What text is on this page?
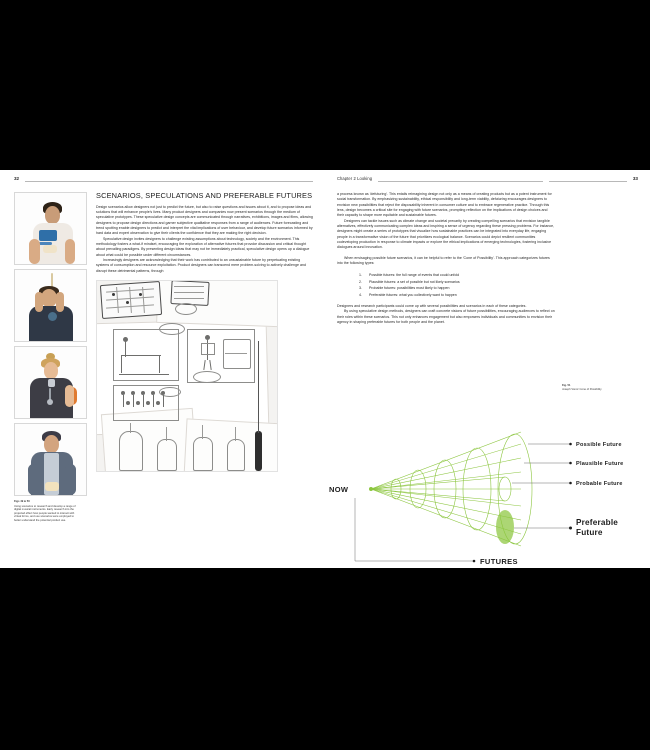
32
Figs 49 & 50
Using scenarios to research and develop a range of digital musical instruments. Early research into the projected effect how people wanted to interact with virtual forms, and use scenarios were employed to better understand the potential product use.
SCENARIOS, SPECULATIONS AND PREFERABLE FUTURES

Design scenarios allow designers not just to predict the future, but also to raise questions and issues about it, and to propose ideas and solutions that will enhance people's lives. Many product designers and companies now present scenarios through the medium of speculative prototypes. These speculative design concepts are communicated through narratives, exhibitions, images and films, allowing designers to propose design directions and garner subjective qualitative responses from a range of audiences. Future forecasting and trend spotting enable designers to predict and interpret the vital implications of user behaviour, and develop future scenarios informed by hard data and expert observation to give their clients the confidence that they are making the right decision.

Speculative design invites designers to challenge existing assumptions about technology, society and the environment. This methodology fosters a what-if mindset, encouraging the exploration of alternative futures that provoke discussion and critical thought about prevailing paradigms. By presenting design ideas that may not be immediately practical, speculative design opens up a dialogue about what could be possible under different circumstances.

Increasingly designers are acknowledging that their work has contributed to an unsustainable future by perpetuating existing systems of consumption and resource exploitation. Product designers can transcend mere problem-solving to actively challenge and disrupt these detrimental patterns, through

Chapter 2 Looking	33

a process known as 'defuturing'. This entails reimagining design not only as a means of creating products but as a potent instrument for social transformation. By emphasizing sustainability, ethical responsibility and long-term viability, defuturing encourages designers to envision new possibilities that reject the disposability inherent in consumer culture and to embrace regenerative practice. Through this lens, design becomes a critical site for engaging with future scenarios, prompting reflection on the implications of design choices and their capacity to shape more equitable and sustainable futures.

Designers can tackle issues such as climate change and societal precarity by creating compelling scenarios that envision tangible alternatives, effectively communicating complex ideas and inspiring a sense of urgency regarding these pressing problems. For instance, designers might create a series of prototypes that visualize how sustainable practices can be integrated into everyday life, engaging people in a transformative vision of the future that prioritizes ecological balance. Scenarios could depict resilient communities codeveloping production in response to climate impacts or explore the ethical implications of emerging technologies, fostering inclusive dialogues around innovation.

When envisaging possible future scenarios, it can be helpful to refer to the 'Cone of Possibility'. This approach categorizes futures into the following types:

1. Possible futures: the full range of events that could unfold
2. Plausible futures: a set of possible but not likely scenarios
3. Probable futures: possibilities most likely to happen
4. Preferable futures: what you collectively want to happen

Designers and research participants could come up with several possibilities and scenarios in each of these categories.

By using speculative design methods, designers can craft concrete visions of future possibilities, encouraging audiences to reflect on their roles within these scenarios. This not only enhances engagement but also empowers individuals and communities to envision their agency in shaping preferable futures for both people and the planet.

Fig. 51
Joseph Voros' Cone of Possibility
NOW
Possible Future
Plausible Future
Probable Future
Preferable
Future
FUTURES
